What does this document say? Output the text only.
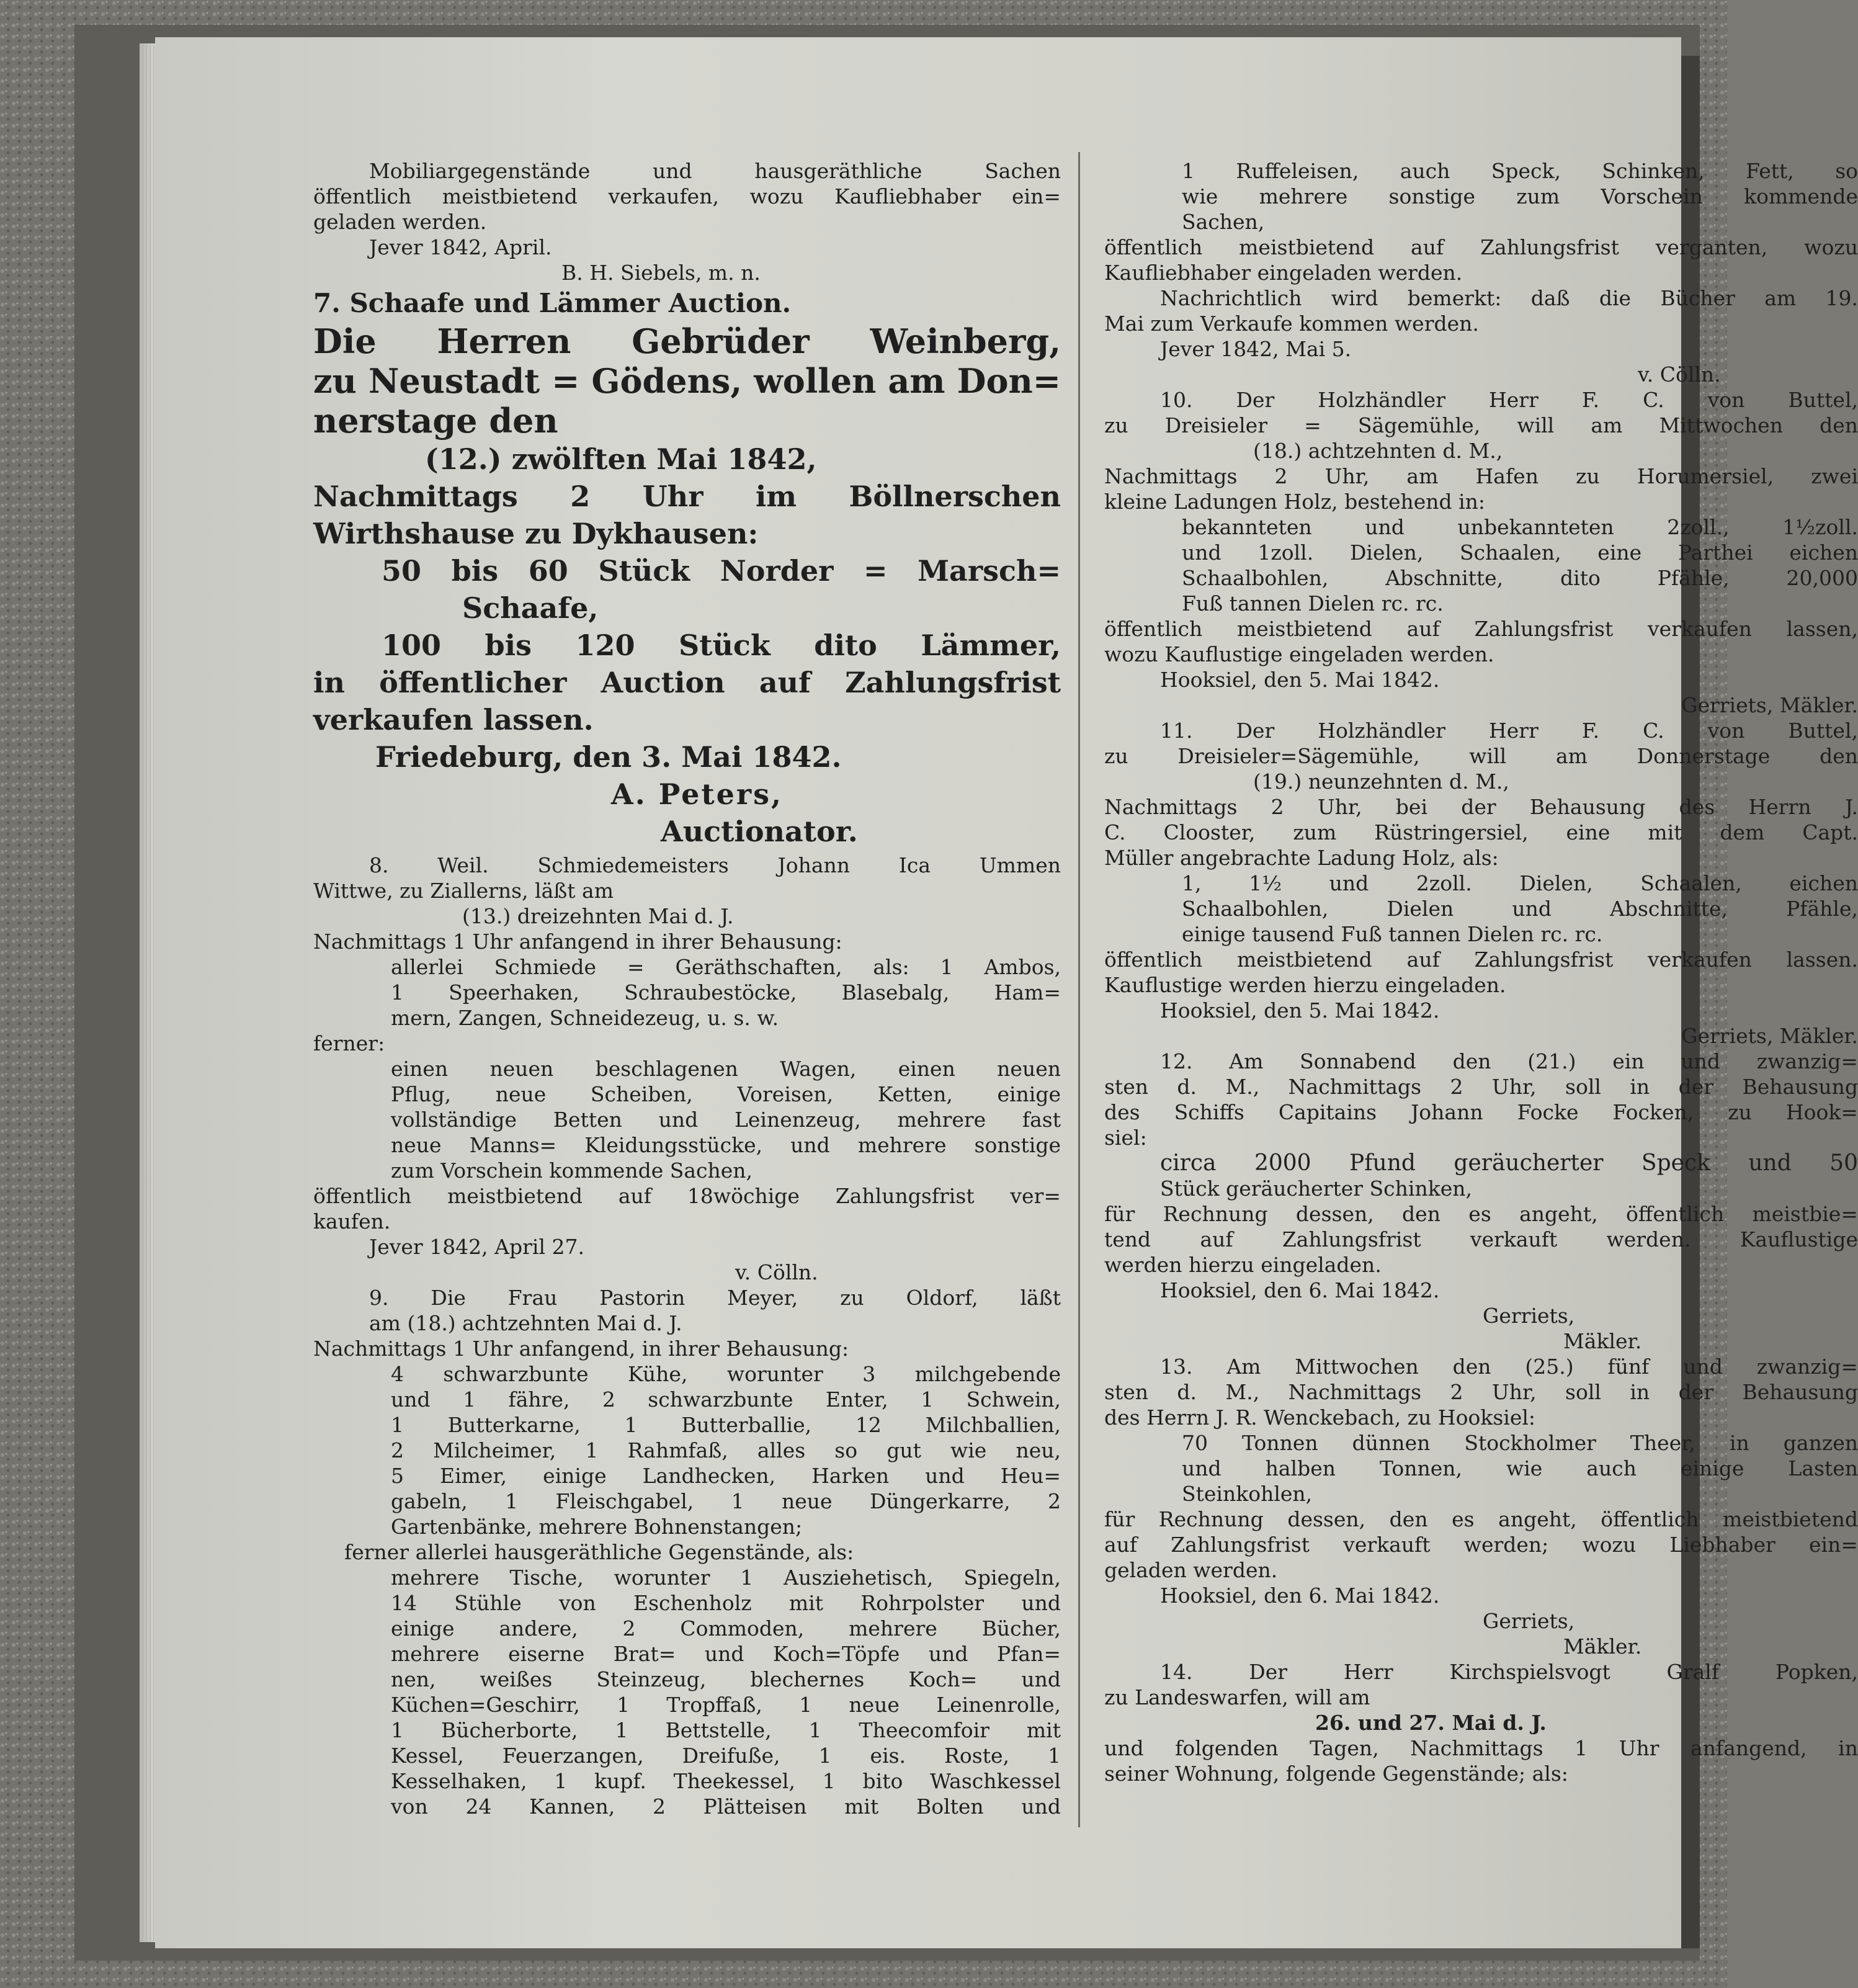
Mobiliargegenstände und hausgeräthliche Sachen
öffentlich meistbietend verkaufen, wozu Kaufliebhaber ein=
geladen werden.
Jever 1842, April.
B. H. Siebels, m. n.
7. Schaafe und Lämmer Auction.
Die Herren Gebrüder Weinberg,
zu Neustadt = Gödens, wollen am Don=
nerstage den
(12.) zwölften Mai 1842,
Nachmittags 2 Uhr im Böllnerschen
Wirthshause zu Dykhausen:
50 bis 60 Stück Norder = Marsch=
Schaafe,
100 bis 120 Stück dito Lämmer,
in öffentlicher Auction auf Zahlungsfrist
verkaufen lassen.
Friedeburg, den 3. Mai 1842.
A. Peters,
Auctionator.
8. Weil. Schmiedemeisters Johann Ica Ummen
Wittwe, zu Ziallerns, läßt am
(13.) dreizehnten Mai d. J.
Nachmittags 1 Uhr anfangend in ihrer Behausung:
allerlei Schmiede = Geräthschaften, als: 1 Ambos,
1 Speerhaken, Schraubestöcke, Blasebalg, Ham=
mern, Zangen, Schneidezeug, u. s. w.
ferner:
einen neuen beschlagenen Wagen, einen neuen
Pflug, neue Scheiben, Voreisen, Ketten, einige
vollständige Betten und Leinenzeug, mehrere fast
neue Manns= Kleidungsstücke, und mehrere sonstige
zum Vorschein kommende Sachen,
öffentlich meistbietend auf 18wöchige Zahlungsfrist ver=
kaufen.
Jever 1842, April 27.
v. Cölln.
9. Die Frau Pastorin Meyer, zu Oldorf, läßt
am (18.) achtzehnten Mai d. J.
Nachmittags 1 Uhr anfangend, in ihrer Behausung:
4 schwarzbunte Kühe, worunter 3 milchgebende
und 1 fähre, 2 schwarzbunte Enter, 1 Schwein,
1 Butterkarne, 1 Butterballie, 12 Milchballien,
2 Milcheimer, 1 Rahmfaß, alles so gut wie neu,
5 Eimer, einige Landhecken, Harken und Heu=
gabeln, 1 Fleischgabel, 1 neue Düngerkarre, 2
Gartenbänke, mehrere Bohnenstangen;
ferner allerlei hausgeräthliche Gegenstände, als:
mehrere Tische, worunter 1 Ausziehetisch, Spiegeln,
14 Stühle von Eschenholz mit Rohrpolster und
einige andere, 2 Commoden, mehrere Bücher,
mehrere eiserne Brat= und Koch=Töpfe und Pfan=
nen, weißes Steinzeug, blechernes Koch= und
Küchen=Geschirr, 1 Tropffaß, 1 neue Leinenrolle,
1 Bücherborte, 1 Bettstelle, 1 Theecomfoir mit
Kessel, Feuerzangen, Dreifuße, 1 eis. Roste, 1
Kesselhaken, 1 kupf. Theekessel, 1 bito Waschkessel
von 24 Kannen, 2 Plätteisen mit Bolten und
1 Ruffeleisen, auch Speck, Schinken, Fett, so
wie mehrere sonstige zum Vorschein kommende
Sachen,
öffentlich meistbietend auf Zahlungsfrist verganten, wozu
Kaufliebhaber eingeladen werden.
Nachrichtlich wird bemerkt: daß die Bücher am 19.
Mai zum Verkaufe kommen werden.
Jever 1842, Mai 5.
v. Cölln.
10. Der Holzhändler Herr F. C. von Buttel,
zu Dreisieler = Sägemühle, will am Mittwochen den
(18.) achtzehnten d. M.,
Nachmittags 2 Uhr, am Hafen zu Horumersiel, zwei
kleine Ladungen Holz, bestehend in:
bekannteten und unbekannteten 2zoll., 1½zoll.
und 1zoll. Dielen, Schaalen, eine Parthei eichen
Schaalbohlen, Abschnitte, dito Pfähle, 20,000
Fuß tannen Dielen rc. rc.
öffentlich meistbietend auf Zahlungsfrist verkaufen lassen,
wozu Kauflustige eingeladen werden.
Hooksiel, den 5. Mai 1842.
Gerriets, Mäkler.
11. Der Holzhändler Herr F. C. von Buttel,
zu Dreisieler=Sägemühle, will am Donnerstage den
(19.) neunzehnten d. M.,
Nachmittags 2 Uhr, bei der Behausung des Herrn J.
C. Clooster, zum Rüstringersiel, eine mit dem Capt.
Müller angebrachte Ladung Holz, als:
1, 1½ und 2zoll. Dielen, Schaalen, eichen
Schaalbohlen, Dielen und Abschnitte, Pfähle,
einige tausend Fuß tannen Dielen rc. rc.
öffentlich meistbietend auf Zahlungsfrist verkaufen lassen.
Kauflustige werden hierzu eingeladen.
Hooksiel, den 5. Mai 1842.
Gerriets, Mäkler.
12. Am Sonnabend den (21.) ein und zwanzig=
sten d. M., Nachmittags 2 Uhr, soll in der Behausung
des Schiffs Capitains Johann Focke Focken, zu Hook=
siel:
circa 2000 Pfund geräucherter Speck und 50
Stück geräucherter Schinken,
für Rechnung dessen, den es angeht, öffentlich meistbie=
tend auf Zahlungsfrist verkauft werden. Kauflustige
werden hierzu eingeladen.
Hooksiel, den 6. Mai 1842.
Gerriets,
Mäkler.
13. Am Mittwochen den (25.) fünf und zwanzig=
sten d. M., Nachmittags 2 Uhr, soll in der Behausung
des Herrn J. R. Wenckebach, zu Hooksiel:
70 Tonnen dünnen Stockholmer Theer, in ganzen
und halben Tonnen, wie auch einige Lasten
Steinkohlen,
für Rechnung dessen, den es angeht, öffentlich meistbietend
auf Zahlungsfrist verkauft werden; wozu Liebhaber ein=
geladen werden.
Hooksiel, den 6. Mai 1842.
Gerriets,
Mäkler.
14. Der Herr Kirchspielsvogt Gralf Popken,
zu Landeswarfen, will am
26. und 27. Mai d. J.
und folgenden Tagen, Nachmittags 1 Uhr anfangend, in
seiner Wohnung, folgende Gegenstände; als:
